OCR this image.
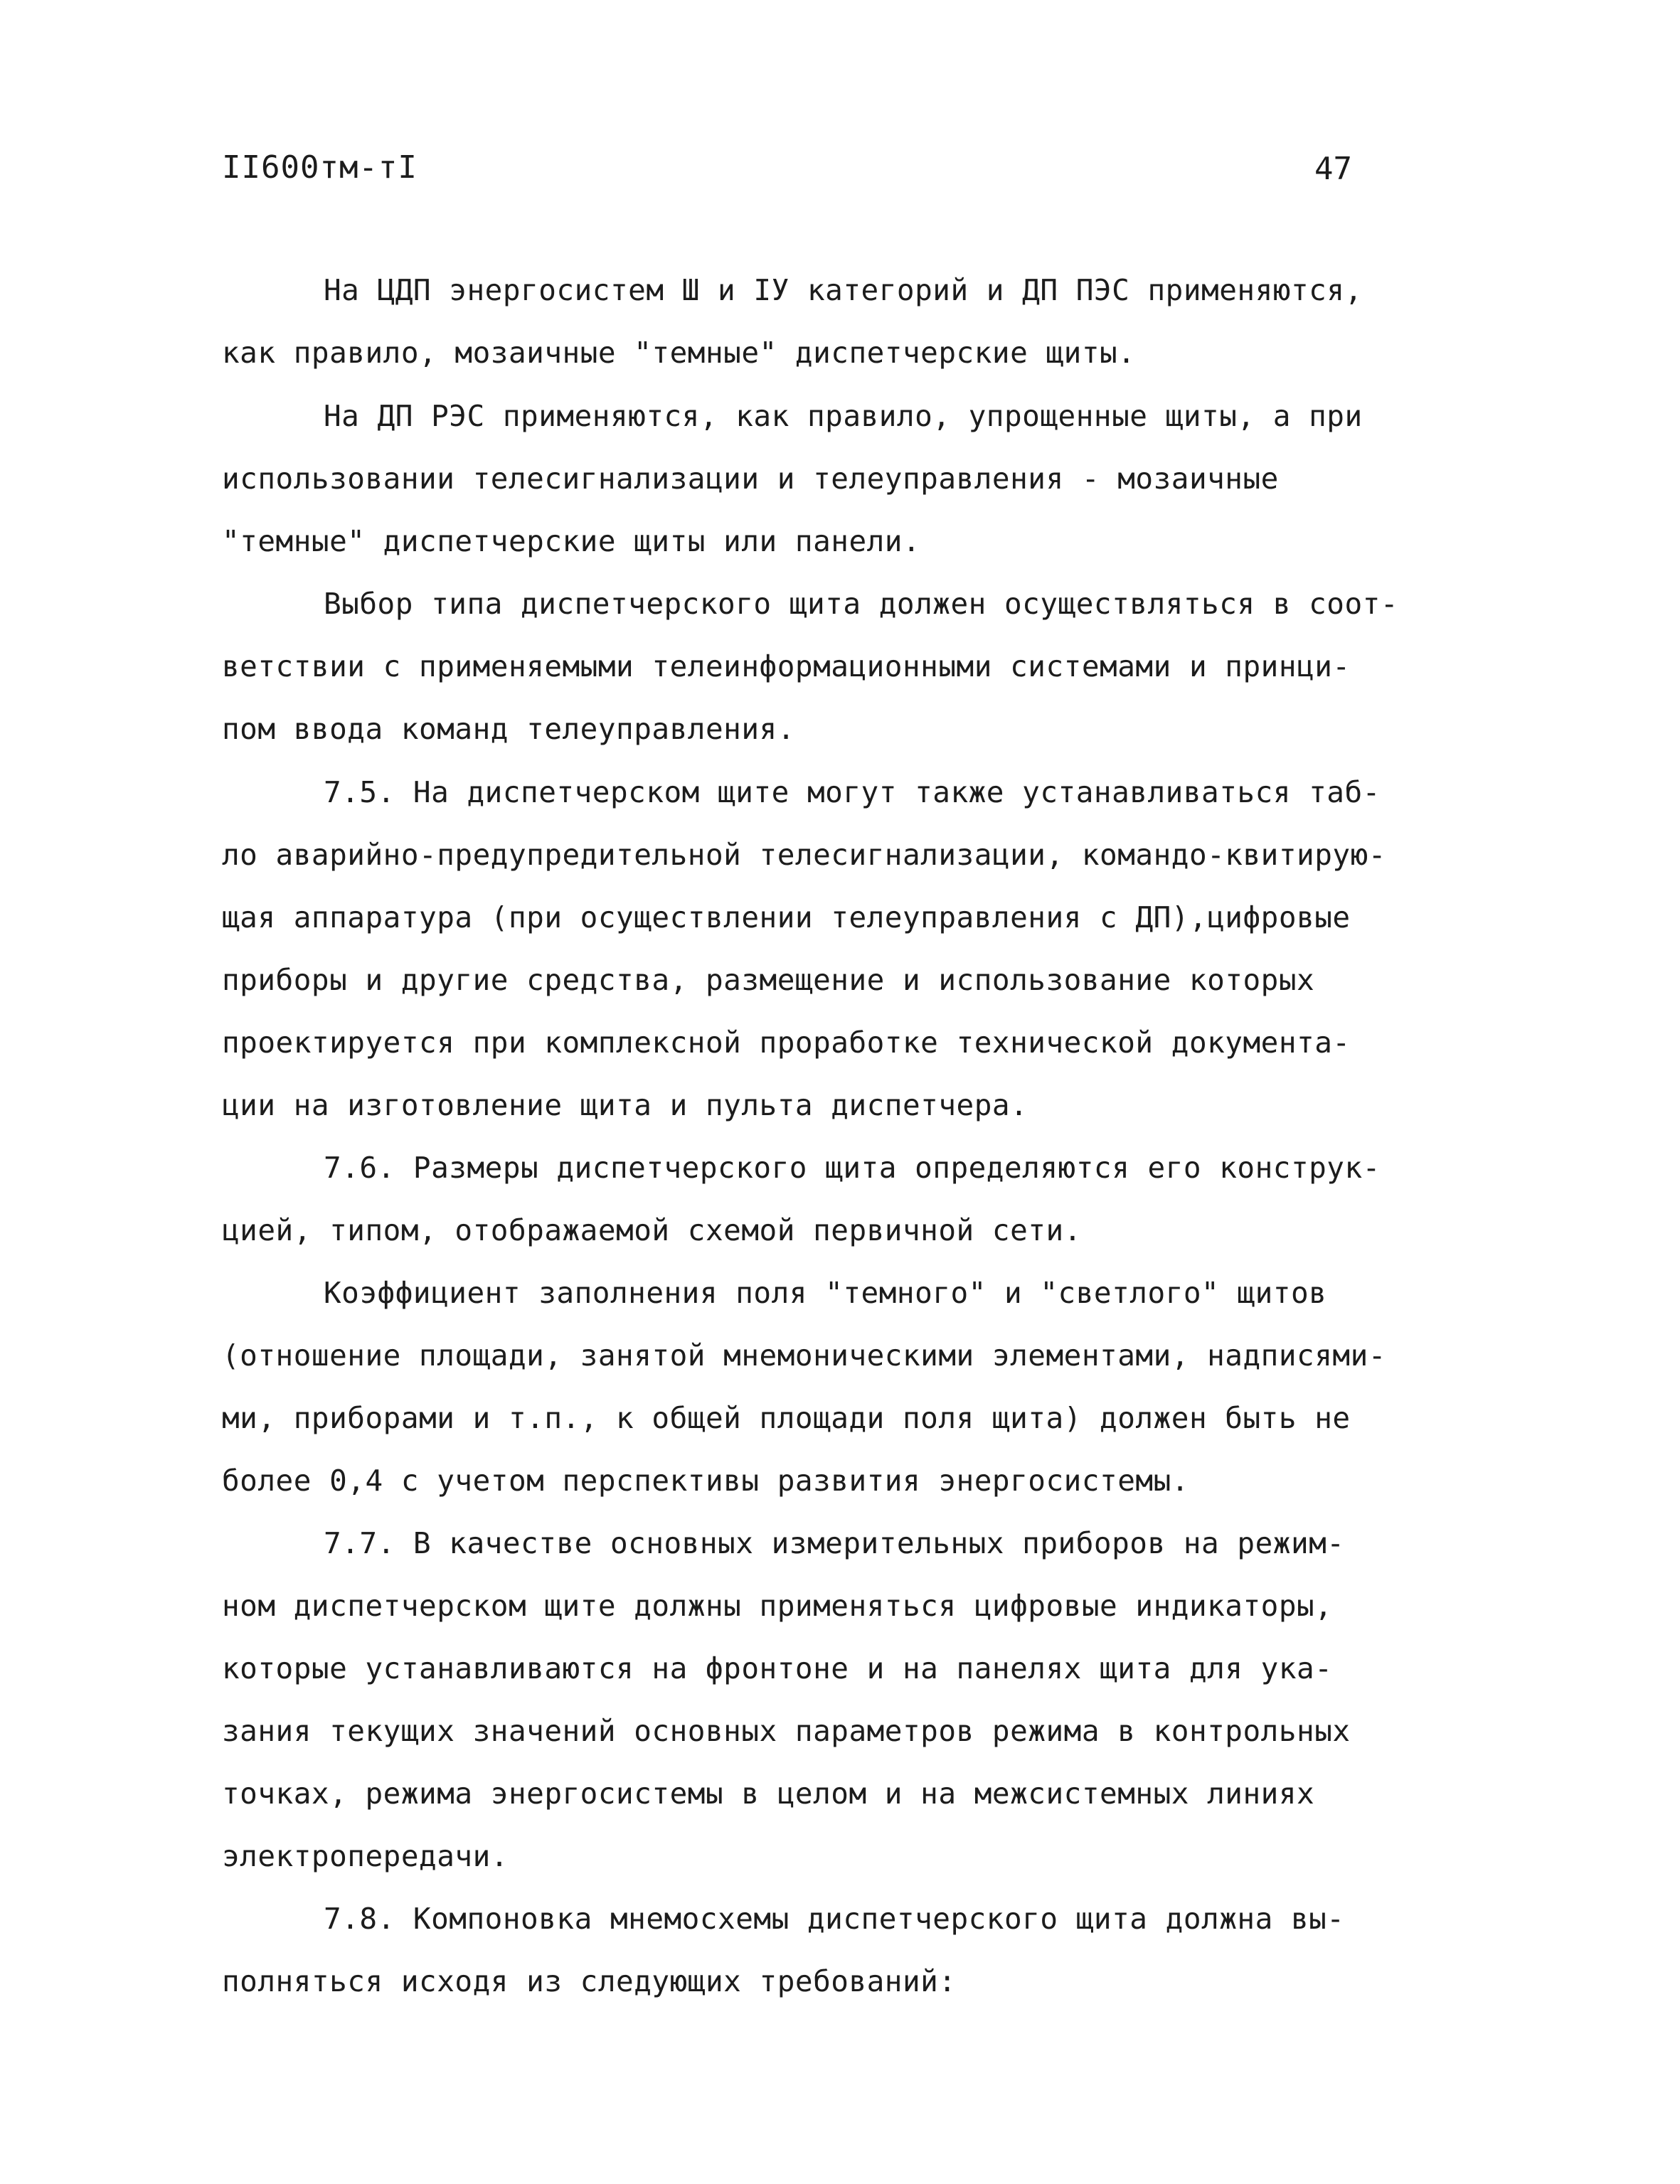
II600тм-тI	47
На ЦДП энергосистем Ш и IУ категорий и ДП ПЭС применяются,
как правило, мозаичные "темные" диспетчерские щиты.
На ДП РЭС применяются, как правило, упрощенные щиты, а при
использовании телесигнализации и телеуправления - мозаичные
"темные" диспетчерские щиты или панели.
Выбор типа диспетчерского щита должен осуществляться в соот-
ветствии с применяемыми телеинформационными системами и принци-
пом ввода команд телеуправления.
7.5. На диспетчерском щите могут также устанавливаться таб-
ло аварийно-предупредительной телесигнализации, командо-квитирую-
щая аппаратура (при осуществлении телеуправления с ДП),цифровые
приборы и другие средства, размещение и использование которых
проектируется при комплексной проработке технической документа-
ции на изготовление щита и пульта диспетчера.
7.6. Размеры диспетчерского щита определяются его конструк-
цией, типом, отображаемой схемой первичной сети.
Коэффициент заполнения поля "темного" и "светлого" щитов
(отношение площади, занятой мнемоническими элементами, надписями-
ми, приборами и т.п., к общей площади поля щита) должен быть не
более 0,4 с учетом перспективы развития энергосистемы.
7.7. В качестве основных измерительных приборов на режим-
ном диспетчерском щите должны применяться цифровые индикаторы,
которые устанавливаются на фронтоне и на панелях щита для ука-
зания текущих значений основных параметров режима в контрольных
точках, режима энергосистемы в целом и на межсистемных линиях
электропередачи.
7.8. Компоновка мнемосхемы диспетчерского щита должна вы-
полняться исходя из следующих требований:
